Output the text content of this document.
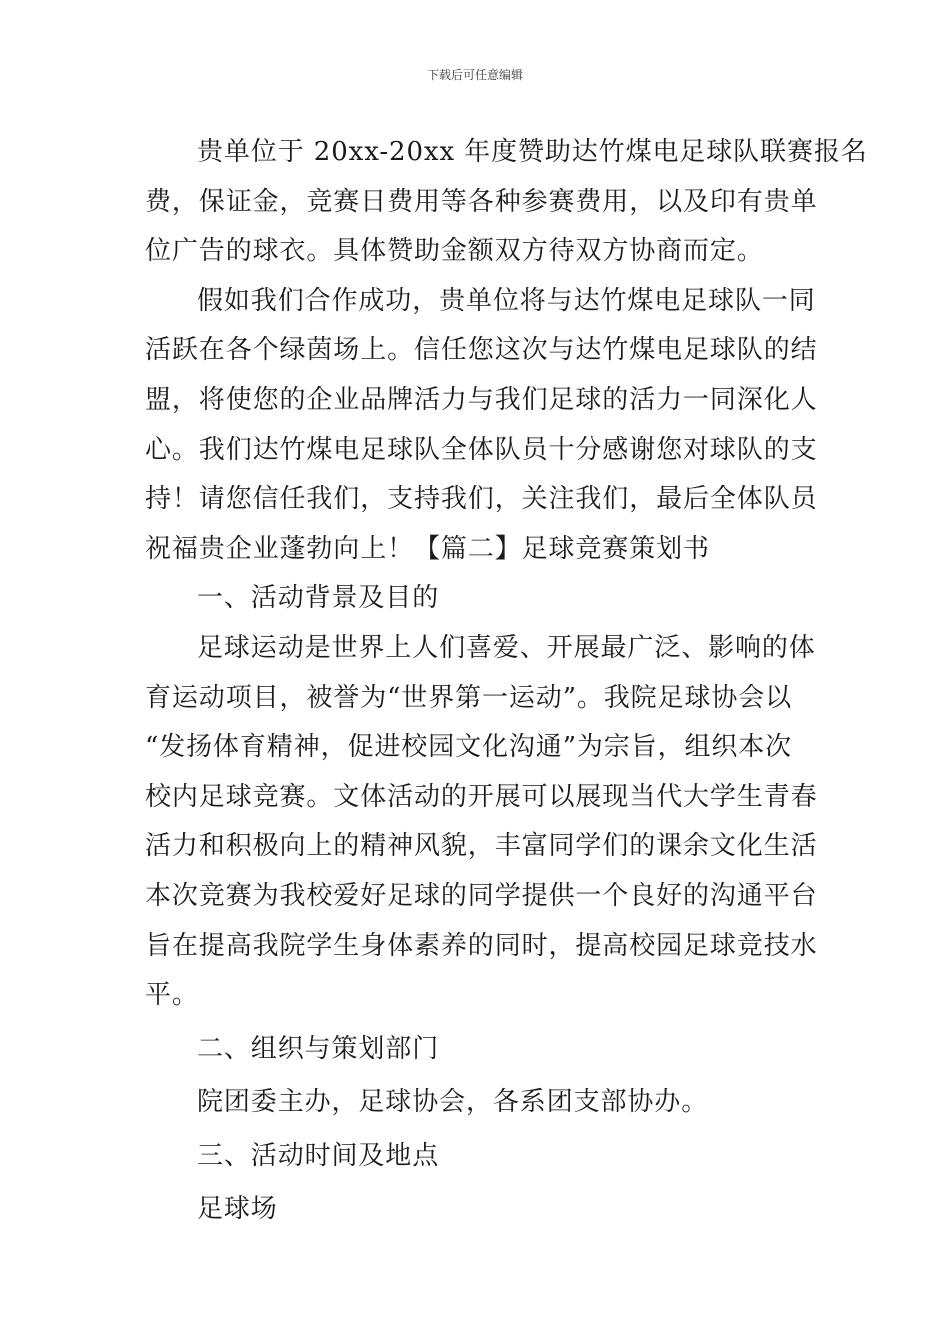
下载后可任意编辑
贵单位于 20xx-20xx 年度赞助达竹煤电足球队联赛报名
费，保证金，竞赛日费用等各种参赛费用，以及印有贵单
位广告的球衣。具体赞助金额双方待双方协商而定。
假如我们合作成功，贵单位将与达竹煤电足球队一同
活跃在各个绿茵场上。信任您这次与达竹煤电足球队的结
盟，将使您的企业品牌活力与我们足球的活力一同深化人
心。我们达竹煤电足球队全体队员十分感谢您对球队的支
持！请您信任我们，支持我们，关注我们，最后全体队员
祝福贵企业蓬勃向上！【篇二】足球竞赛策划书
一、活动背景及目的
足球运动是世界上人们喜爱、开展最广泛、影响的体
育运动项目，被誉为“世界第一运动”。我院足球协会以
“发扬体育精神，促进校园文化沟通”为宗旨，组织本次
校内足球竞赛。文体活动的开展可以展现当代大学生青春
活力和积极向上的精神风貌，丰富同学们的课余文化生活
本次竞赛为我校爱好足球的同学提供一个良好的沟通平台
旨在提高我院学生身体素养的同时，提高校园足球竞技水
平。
二、组织与策划部门
院团委主办，足球协会，各系团支部协办。
三、活动时间及地点
足球场
